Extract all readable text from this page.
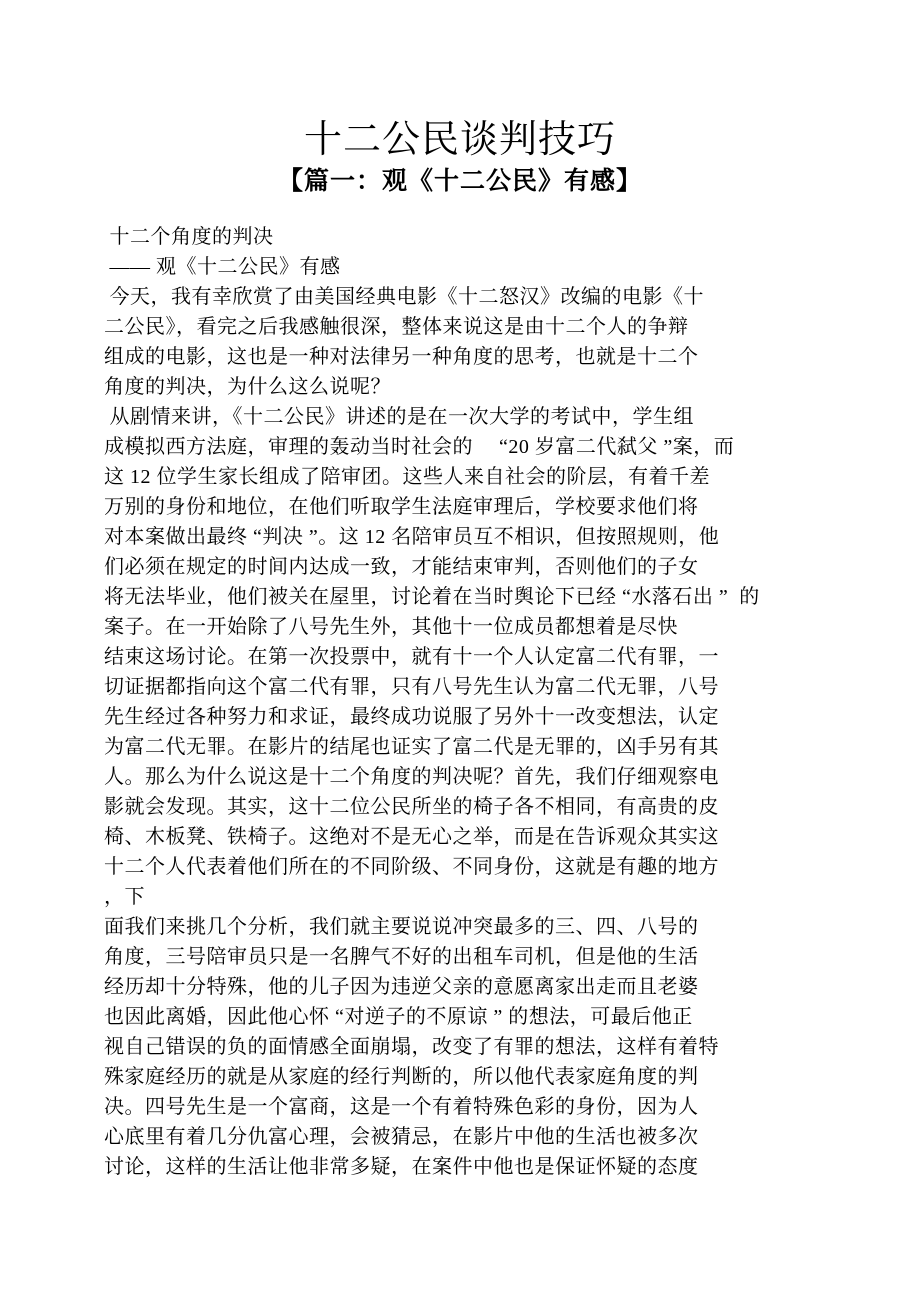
十二公民谈判技巧
【篇一：观《十二公民》有感】
十二个角度的判决
—— 观《十二公民》有感
今天，我有幸欣赏了由美国经典电影《十二怒汉》改编的电影《十
二公民》，看完之后我感触很深，整体来说这是由十二个人的争辩
组成的电影，这也是一种对法律另一种角度的思考，也就是十二个
角度的判决，为什么这么说呢？
从剧情来讲，《十二公民》讲述的是在一次大学的考试中，学生组
成模拟西方法庭，审理的轰动当时社会的　 “20 岁富二代弑父 ”案，而
这 12 位学生家长组成了陪审团。这些人来自社会的阶层，有着千差
万别的身份和地位，在他们听取学生法庭审理后，学校要求他们将
对本案做出最终 “判决 ”。这 12 名陪审员互不相识，但按照规则，他
们必须在规定的时间内达成一致，才能结束审判，否则他们的子女
将无法毕业，他们被关在屋里，讨论着在当时舆论下已经 “水落石出 ”  的
案子。在一开始除了八号先生外，其他十一位成员都想着是尽快
结束这场讨论。在第一次投票中，就有十一个人认定富二代有罪，一
切证据都指向这个富二代有罪，只有八号先生认为富二代无罪，八号
先生经过各种努力和求证，最终成功说服了另外十一改变想法，认定
为富二代无罪。在影片的结尾也证实了富二代是无罪的，凶手另有其
人。那么为什么说这是十二个角度的判决呢？首先，我们仔细观察电
影就会发现。其实，这十二位公民所坐的椅子各不相同，有高贵的皮
椅、木板凳、铁椅子。这绝对不是无心之举，而是在告诉观众其实这
十二个人代表着他们所在的不同阶级、不同身份，这就是有趣的地方
，下
面我们来挑几个分析，我们就主要说说冲突最多的三、四、八号的
角度，三号陪审员只是一名脾气不好的出租车司机，但是他的生活
经历却十分特殊，他的儿子因为违逆父亲的意愿离家出走而且老婆
也因此离婚，因此他心怀 “对逆子的不原谅 ” 的想法，可最后他正
视自己错误的负的面情感全面崩塌，改变了有罪的想法，这样有着特
殊家庭经历的就是从家庭的经行判断的，所以他代表家庭角度的判
决。四号先生是一个富商，这是一个有着特殊色彩的身份，因为人
心底里有着几分仇富心理，会被猜忌，在影片中他的生活也被多次
讨论，这样的生活让他非常多疑，在案件中他也是保证怀疑的态度
